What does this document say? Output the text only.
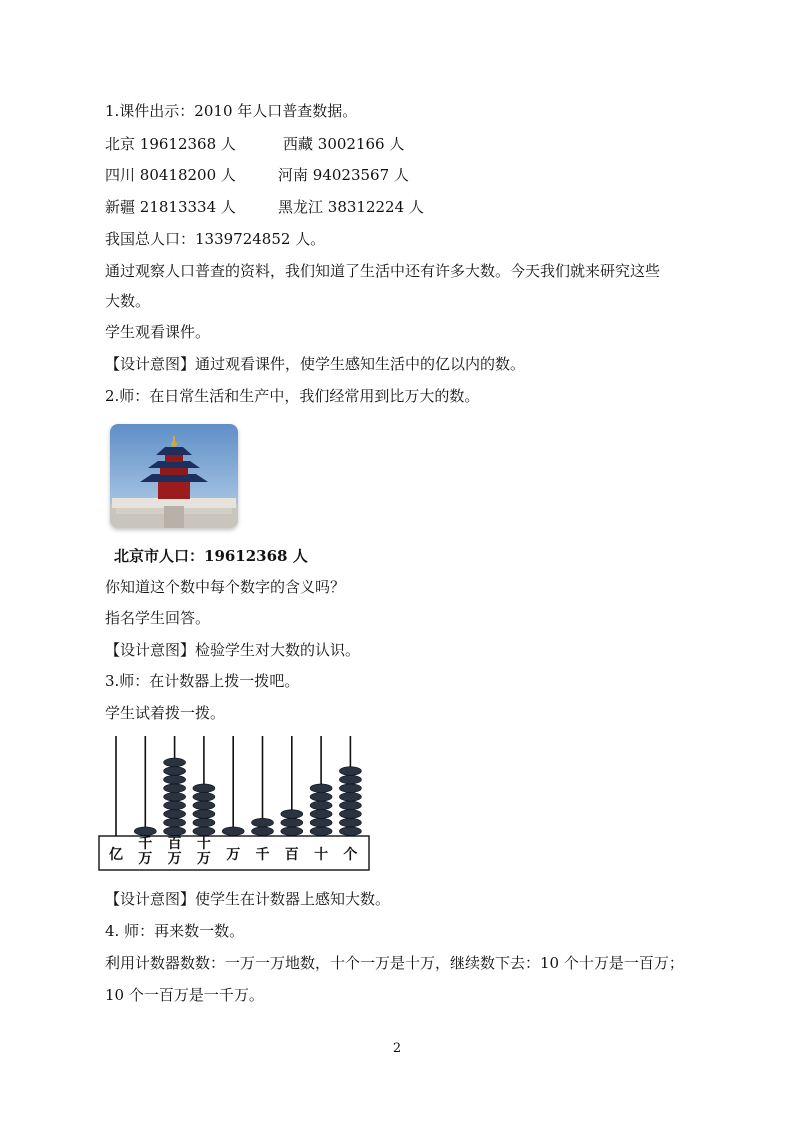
1.课件出示：2010 年人口普查数据。
北京 19612368 人	西藏 3002166 人
四川 80418200 人	河南 94023567 人
新疆 21813334 人	黑龙江 38312224 人
我国总人口：1339724852 人。
通过观察人口普查的资料，我们知道了生活中还有许多大数。今天我们就来研究这些
大数。
学生观看课件。
【设计意图】通过观看课件，使学生感知生活中的亿以内的数。
2.师：在日常生活和生产中，我们经常用到比万大的数。
北京市人口：19612368 人
你知道这个数中每个数字的含义吗？
指名学生回答。
【设计意图】检验学生对大数的认识。
3.师：在计数器上拨一拨吧。
学生试着拨一拨。
亿
千万
百万
十万 万 千 百 十 个
【设计意图】使学生在计数器上感知大数。
4. 师：再来数一数。
利用计数器数数：一万一万地数，十个一万是十万，继续数下去：10 个十万是一百万；
10 个一百万是一千万。
2
